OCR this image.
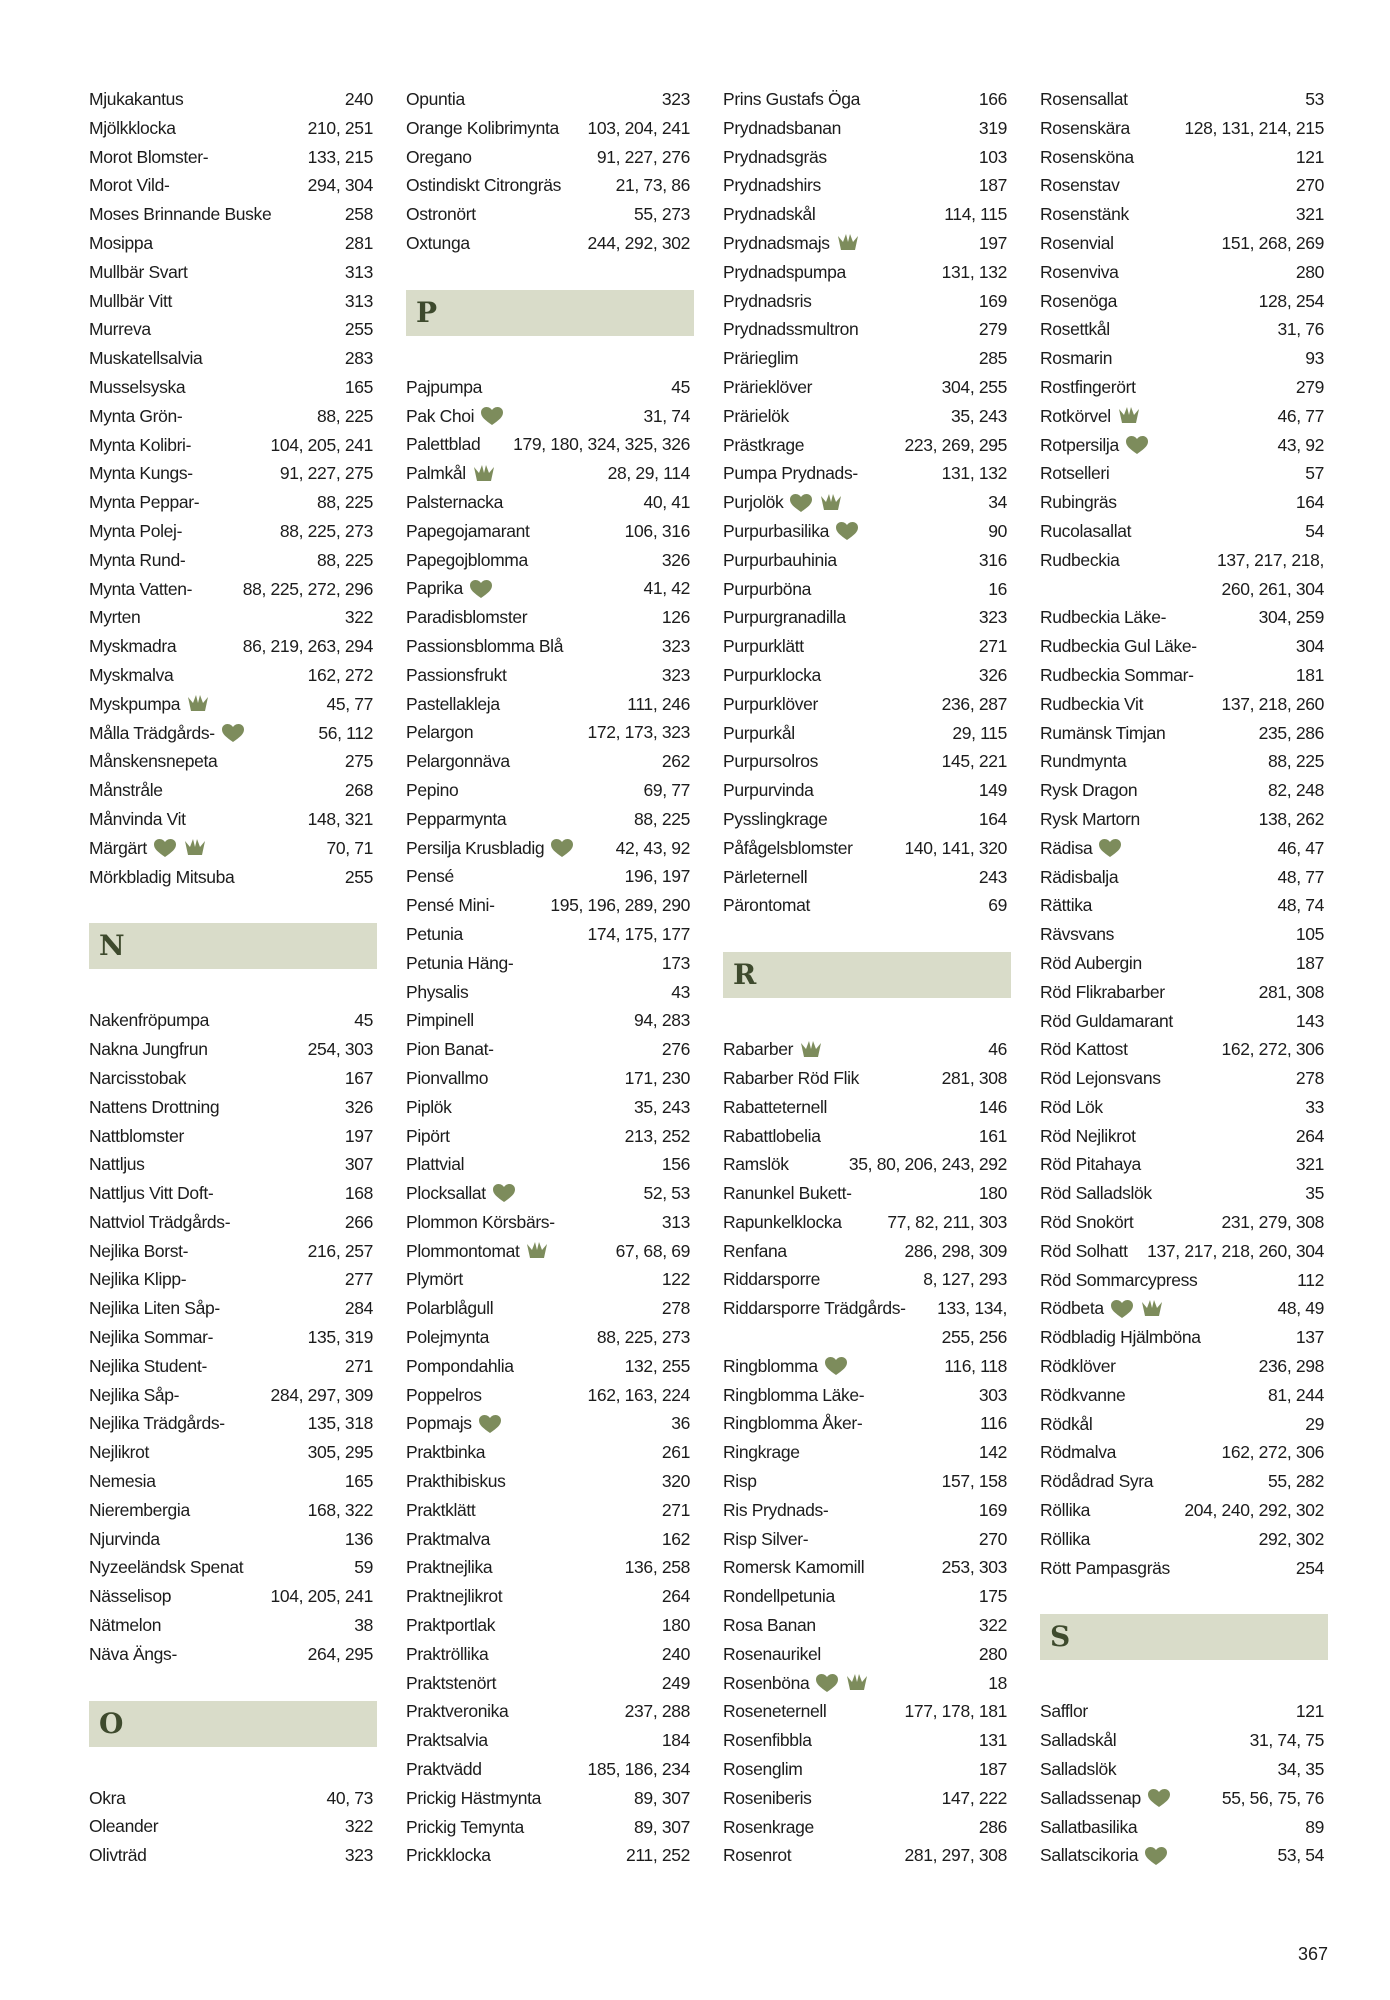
Mjukakantus	240
Mjölkklocka	210, 251
Morot Blomster-	133, 215
Morot Vild-	294, 304
Moses Brinnande Buske	258
Mosippa	281
Mullbär Svart	313
Mullbär Vitt	313
Murreva	255
Muskatellsalvia	283
Musselsyska	165
Mynta Grön-	88, 225
Mynta Kolibri-	104, 205, 241
Mynta Kungs-	91, 227, 275
Mynta Peppar-	88, 225
Mynta Polej-	88, 225, 273
Mynta Rund-	88, 225
Mynta Vatten-	88, 225, 272, 296
Myrten	322
Myskmadra	86, 219, 263, 294
Myskmalva	162, 272
Myskpumpa	45, 77
Målla Trädgårds-	56, 112
Månskensnepeta	275
Månstråle	268
Månvinda Vit	148, 321
Märgärt	70, 71
Mörkbladig Mitsuba	255
N
Nakenfröpumpa	45
Nakna Jungfrun	254, 303
Narcisstobak	167
Nattens Drottning	326
Nattblomster	197
Nattljus	307
Nattljus Vitt Doft-	168
Nattviol Trädgårds-	266
Nejlika Borst-	216, 257
Nejlika Klipp-	277
Nejlika Liten Såp-	284
Nejlika Sommar-	135, 319
Nejlika Student-	271
Nejlika Såp-	284, 297, 309
Nejlika Trädgårds-	135, 318
Nejlikrot	305, 295
Nemesia	165
Nierembergia	168, 322
Njurvinda	136
Nyzeeländsk Spenat	59
Nässelisop	104, 205, 241
Nätmelon	38
Näva Ängs-	264, 295
O
Okra	40, 73
Oleander	322
Olivträd	323
Opuntia	323
Orange Kolibrimynta 103, 204, 241
Oregano	91, 227, 276
Ostindiskt Citrongräs	21, 73, 86
Ostronört	55, 273
Oxtunga	244, 292, 302
P
Pajpumpa	45
Pak Choi	31, 74
Palettblad 179, 180, 324, 325, 326
Palmkål	28, 29, 114
Palsternacka	40, 41
Papegojamarant	106, 316
Papegojblomma	326
Paprika	41, 42
Paradisblomster	126
Passionsblomma Blå	323
Passionsfrukt	323
Pastellakleja	111, 246
Pelargon	172, 173, 323
Pelargonnäva	262
Pepino	69, 77
Pepparmynta	88, 225
Persilja Krusbladig	42, 43, 92
Pensé	196, 197
Pensé Mini-	195, 196, 289, 290
Petunia	174, 175, 177
Petunia Häng-	173
Physalis	43
Pimpinell	94, 283
Pion Banat-	276
Pionvallmo	171, 230
Piplök	35, 243
Pipört	213, 252
Plattvial	156
Plocksallat	52, 53
Plommon Körsbärs-	313
Plommontomat	67, 68, 69
Plymört	122
Polarblågull	278
Polejmynta	88, 225, 273
Pompondahlia	132, 255
Poppelros	162, 163, 224
Popmajs	36
Praktbinka	261
Prakthibiskus	320
Praktklätt	271
Praktmalva	162
Praktnejlika	136, 258
Praktnejlikrot	264
Praktportlak	180
Praktröllika	240
Praktstenört	249
Praktveronika	237, 288
Praktsalvia	184
Praktvädd	185, 186, 234
Prickig Hästmynta	89, 307
Prickig Temynta	89, 307
Prickklocka	211, 252
Prins Gustafs Öga	166
Prydnadsbanan	319
Prydnadsgräs	103
Prydnadshirs	187
Prydnadskål	114, 115
Prydnadsmajs	197
Prydnadspumpa	131, 132
Prydnadsris	169
Prydnadssmultron	279
Prärieglim	285
Prärieklöver	304, 255
Prärielök	35, 243
Prästkrage	223, 269, 295
Pumpa Prydnads-	131, 132
Purjolök	34
Purpurbasilika	90
Purpurbauhinia	316
Purpurböna	16
Purpurgranadilla	323
Purpurklätt	271
Purpurklocka	326
Purpurklöver	236, 287
Purpurkål	29, 115
Purpursolros	145, 221
Purpurvinda	149
Pysslingkrage	164
Påfågelsblomster	140, 141, 320
Pärleternell	243
Pärontomat	69
R
Rabarber	46
Rabarber Röd Flik	281, 308
Rabatteternell	146
Rabattlobelia	161
Ramslök	35, 80, 206, 243, 292
Ranunkel Bukett-	180
Rapunkelklocka	77, 82, 211, 303
Renfana	286, 298, 309
Riddarsporre	8, 127, 293
Riddarsporre Trädgårds- 133, 134,
255, 256
Ringblomma	116, 118
Ringblomma Läke-	303
Ringblomma Åker-	116
Ringkrage	142
Risp	157, 158
Ris Prydnads-	169
Risp Silver-	270
Romersk Kamomill	253, 303
Rondellpetunia	175
Rosa Banan	322
Rosenaurikel	280
Rosenböna	18
Roseneternell	177, 178, 181
Rosenfibbla	131
Rosenglim	187
Roseniberis	147, 222
Rosenkrage	286
Rosenrot	281, 297, 308
Rosensallat	53
Rosenskära	128, 131, 214, 215
Rosensköna	121
Rosenstav	270
Rosenstänk	321
Rosenvial	151, 268, 269
Rosenviva	280
Rosenöga	128, 254
Rosettkål	31, 76
Rosmarin	93
Rostfingerört	279
Rotkörvel	46, 77
Rotpersilja	43, 92
Rotselleri	57
Rubingräs	164
Rucolasallat	54
Rudbeckia	137, 217, 218,
260, 261, 304
Rudbeckia Läke-	304, 259
Rudbeckia Gul Läke-	304
Rudbeckia Sommar-	181
Rudbeckia Vit	137, 218, 260
Rumänsk Timjan	235, 286
Rundmynta	88, 225
Rysk Dragon	82, 248
Rysk Martorn	138, 262
Rädisa	46, 47
Rädisbalja	48, 77
Rättika	48, 74
Rävsvans	105
Röd Aubergin	187
Röd Flikrabarber	281, 308
Röd Guldamarant	143
Röd Kattost	162, 272, 306
Röd Lejonsvans	278
Röd Lök	33
Röd Nejlikrot	264
Röd Pitahaya	321
Röd Salladslök	35
Röd Snokört	231, 279, 308
Röd Solhatt 137, 217, 218, 260, 304
Röd Sommarcypress	112
Rödbeta	48, 49
Rödbladig Hjälmböna	137
Rödklöver	236, 298
Rödkvanne	81, 244
Rödkål	29
Rödmalva	162, 272, 306
Rödådrad Syra	55, 282
Röllika	204, 240, 292, 302
Röllika	292, 302
Rött Pampasgräs	254
S
Safflor	121
Salladskål	31, 74, 75
Salladslök	34, 35
Salladssenap	55, 56, 75, 76
Sallatbasilika	89
Sallatscikoria	53, 54
367
